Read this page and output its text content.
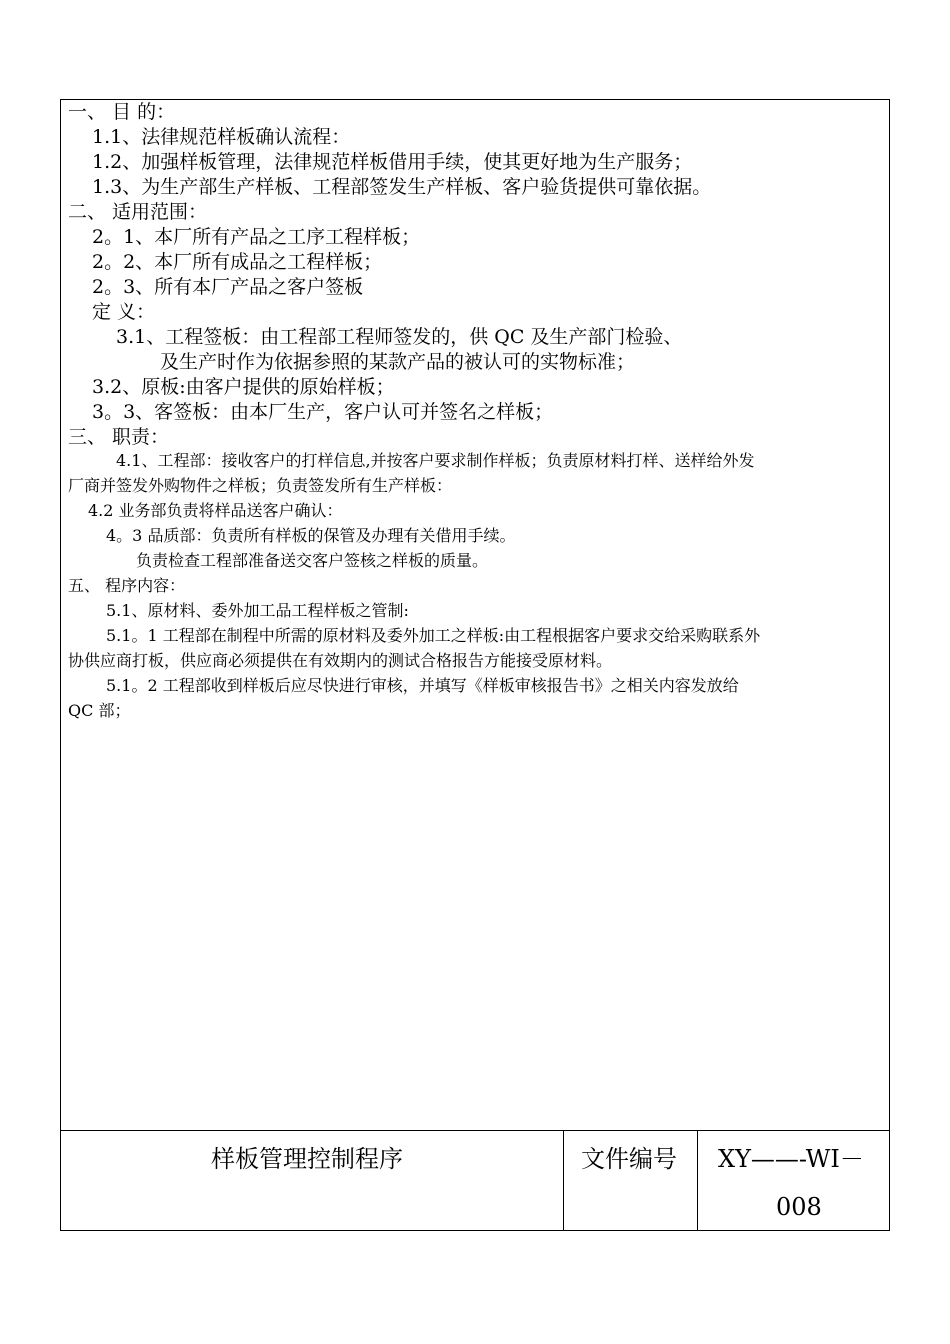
一、 目 的：
1.1、法律规范样板确认流程：
1.2、加强样板管理，法律规范样板借用手续，使其更好地为生产服务；
1.3、为生产部生产样板、工程部签发生产样板、客户验货提供可靠依据。
二、 适用范围：
2。1、本厂所有产品之工序工程样板；
2。2、本厂所有成品之工程样板；
2。3、所有本厂产品之客户签板
定 义：
3.1、工程签板：由工程部工程师签发的，供 QC 及生产部门检验、
及生产时作为依据参照的某款产品的被认可的实物标准；
3.2、原板:由客户提供的原始样板；
3。3、客签板：由本厂生产，客户认可并签名之样板；
三、 职责：
4.1、工程部：接收客户的打样信息,并按客户要求制作样板；负责原材料打样、送样给外发
厂商并签发外购物件之样板；负责签发所有生产样板：
4.2 业务部负责将样品送客户确认：
4。3 品质部：负责所有样板的保管及办理有关借用手续。
负责检查工程部准备送交客户签核之样板的质量。
五、 程序内容：
5.1、原材料、委外加工品工程样板之管制:
5.1。1 工程部在制程中所需的原材料及委外加工之样板:由工程根据客户要求交给采购联系外
协供应商打板，供应商必须提供在有效期内的测试合格报告方能接受原材料。
5.1。2 工程部收到样板后应尽快进行审核，并填写《样板审核报告书》之相关内容发放给
QC 部；
样板管理控制程序	文件编号 XY——-WI－
008
